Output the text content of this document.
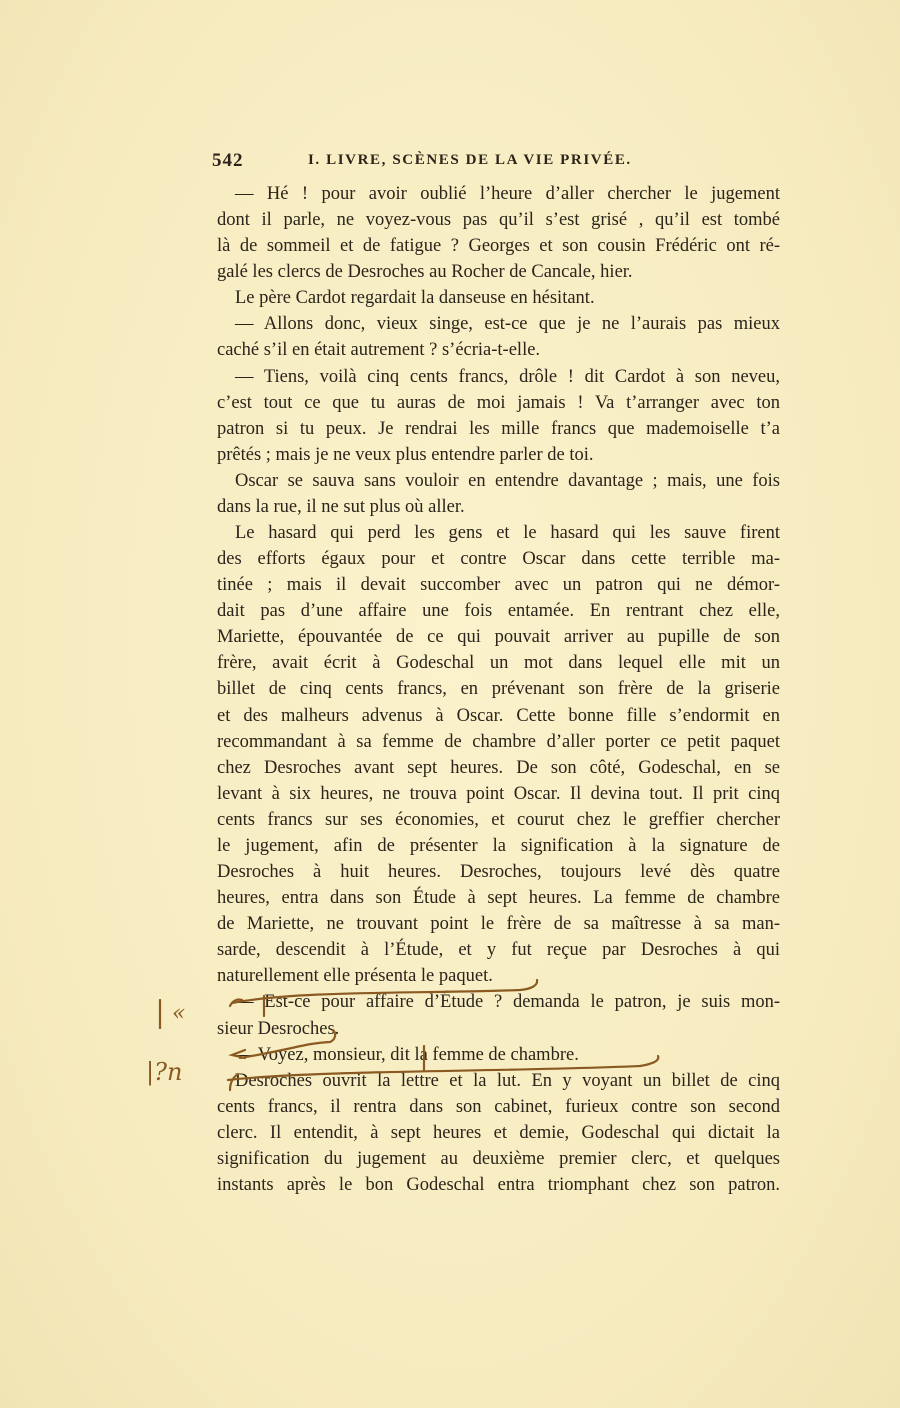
542	I. LIVRE, SCÈNES DE LA VIE PRIVÉE.
— Hé ! pour avoir oublié l’heure d’aller chercher le jugement
dont il parle, ne voyez-vous pas qu’il s’est grisé , qu’il est tombé
là de sommeil et de fatigue ? Georges et son cousin Frédéric ont ré-
galé les clercs de Desroches au Rocher de Cancale, hier.
Le père Cardot regardait la danseuse en hésitant.
— Allons donc, vieux singe, est-ce que je ne l’aurais pas mieux
caché s’il en était autrement ? s’écria-t-elle.
— Tiens, voilà cinq cents francs, drôle ! dit Cardot à son neveu,
c’est tout ce que tu auras de moi jamais ! Va t’arranger avec ton
patron si tu peux. Je rendrai les mille francs que mademoiselle t’a
prêtés ; mais je ne veux plus entendre parler de toi.
Oscar se sauva sans vouloir en entendre davantage ; mais, une fois
dans la rue, il ne sut plus où aller.
Le hasard qui perd les gens et le hasard qui les sauve firent
des efforts égaux pour et contre Oscar dans cette terrible ma-
tinée ; mais il devait succomber avec un patron qui ne démor-
dait pas d’une affaire une fois entamée. En rentrant chez elle,
Mariette, épouvantée de ce qui pouvait arriver au pupille de son
frère, avait écrit à Godeschal un mot dans lequel elle mit un
billet de cinq cents francs, en prévenant son frère de la griserie
et des malheurs advenus à Oscar. Cette bonne fille s’endormit en
recommandant à sa femme de chambre d’aller porter ce petit paquet
chez Desroches avant sept heures. De son côté, Godeschal, en se
levant à six heures, ne trouva point Oscar. Il devina tout. Il prit cinq
cents francs sur ses économies, et courut chez le greffier chercher
le jugement, afin de présenter la signification à la signature de
Desroches à huit heures. Desroches, toujours levé dès quatre
heures, entra dans son Étude à sept heures. La femme de chambre
de Mariette, ne trouvant point le frère de sa maîtresse à sa man-
sarde, descendit à l’Étude, et y fut reçue par Desroches à qui
naturellement elle présenta le paquet.
— Est-ce pour affaire d’Étude ? demanda le patron, je suis mon-
sieur Desroches.
— Voyez, monsieur, dit la femme de chambre.
Desroches ouvrit la lettre et la lut. En y voyant un billet de cinq
cents francs, il rentra dans son cabinet, furieux contre son second
clerc. Il entendit, à sept heures et demie, Godeschal qui dictait la
signification du jugement au deuxième premier clerc, et quelques
instants après le bon Godeschal entra triomphant chez son patron.
«
|?n
